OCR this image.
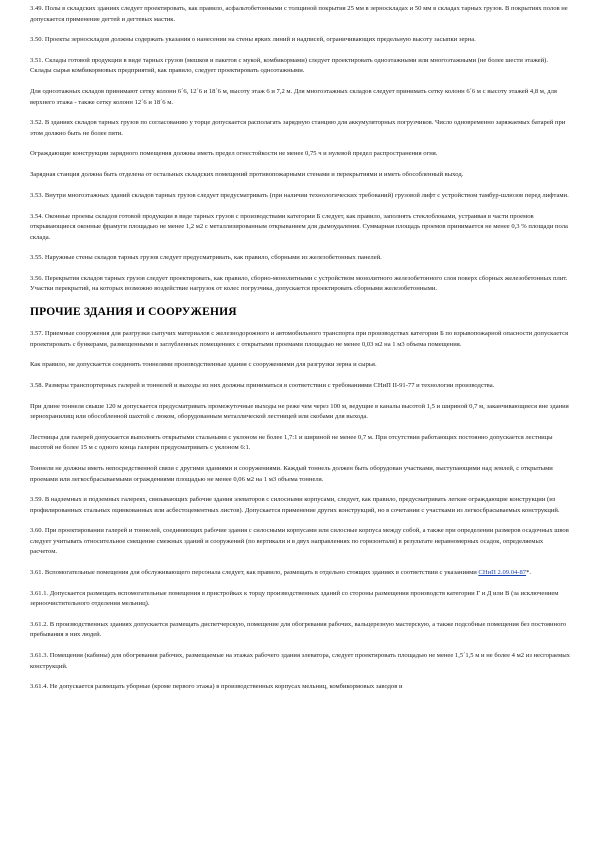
3.49. Полы в складских зданиях следует проектировать, как правило, асфальтобетонными с толщиной покрытия 25 мм в зерноскладах и 50 мм в складах тарных грузов. В покрытиях полов не допускается применение дегтей и дегтевых мастик.

3.50. Проекты зерноскладов должны содержать указания о нанесении на стены ярких линий и надписей, ограничивающих предельную высоту засыпки зерна.

3.51. Склады готовой продукции в виде тарных грузов (мешков и пакетов с мукой, комбикормами) следует проектировать одноэтажными или многоэтажными (не более шести этажей). Склады сырья комбикормовых предприятий, как правило, следует проектировать одноэтажными.

Для одноэтажных складов принимают сетку колонн 6´6, 12´6 и 18´6 м, высоту этаж 6 и 7,2 м. Для многоэтажных складов следует принимать сетку колонн 6´6 м с высоту этажей 4,8 м, для верхнего этажа - также сетку колонн 12´6 и 18´6 м.

3.52. В зданиях складов тарных грузов по согласованию у торце допускается располагать зарядную станцию для аккумуляторных погрузчиков. Число одновременно заряжаемых батарей при этом должно быть не более пяти.

Ограждающие конструкции зарядного помещения должны иметь предел огнестойкости не менее 0,75 ч и нулевой предел распространения огня.

Зарядная станция должна быть отделена от остальных складских помещений противопожарными стенами и перекрытиями и иметь обособленный выход.

3.53. Внутри многоэтажных зданий складов тарных грузов следует предусматривать (при наличии технологических требований) грузовой лифт с устройством тамбур-шлюзов перед лифтами.

3.54. Оконные проемы складов готовой продукции в виде тарных грузов с производствами категории Б следует, как правило, заполнять стеклоблоками, устраивая в части проемов открывающиеся оконные фрамуги площадью не менее 1,2 м2 с металлизированным открыванием для дымоудаления. Суммарная площадь проемов принимается не менее 0,3 % площади пола склада.

3.55. Наружные стены складов тарных грузов следует предусматривать, как правило, сборными из железобетонных панелей.

3.56. Перекрытия складов тарных грузов следует проектировать, как правило, сборно-монолитными с устройством монолитного железобетонного слоя поверх сборных железобетонных плит. Участки перекрытий, на которых возможно воздействие нагрузок от колес погрузчика, допускается проектировать сборными железобетонными.

ПРОЧИЕ ЗДАНИЯ И СООРУЖЕНИЯ

3.57. Приемные сооружения для разгрузки сыпучих материалов с железнодорожного и автомобильного транспорта при производствах категории Б по взрывопожарной опасности допускается проектировать с бункерами, размещенными в заглубленных помещениях с открытыми проемами площадью не менее 0,03 м2 на 1 м3 объема помещения.

Как правило, не допускается соединять тоннелями производственные здания с сооружениями для разгрузки зерна и сырья.

3.58. Размеры транспортерных галерей и тоннелей и выходы из них должны приниматься в соответствии с требованиями СНиП II-91-77 и технологии производства.

При длине тоннеля свыше 120 м допускается предусматривать промежуточные выходы не реже чем через 100 м, ведущие в каналы высотой 1,5 и шириной 0,7 м, заканчивающиеся вне здания зернохранилищ или обособленной шахтой с люком, оборудованным металлической лестницей или скобами для выхода.

Лестницы для галерей допускается выполнять открытыми стальными с уклоном не более 1,7:1 и шириной не менее 0,7 м. При отсутствии работающих постоянно допускается лестницы высотой не более 15 м с одного конца галереи предусматривать с уклоном 6:1.

Тоннели не должны иметь непосредственной связи с другими зданиями и сооружениями. Каждый тоннель должен быть оборудован участками, выступающими над землей, с открытыми проемами или легкосбрасываемыми ограждениями площадью не менее 0,06 м2 на 1 м3 объема тоннеля.

3.59. В надземных и подземных галереях, связывающих рабочие здания элеваторов с силосными корпусами, следует, как правило, предусматривать легкие ограждающие конструкции (из профилированных стальных оцинкованных или асбестоцементных листов). Допускается применение других конструкций, но в сочетании с участками из легкосбрасываемых конструкций.

3.60. При проектировании галерей и тоннелей, соединяющих рабочие здания с силосными корпусами или силосные корпуса между собой, а также при определении размеров осадочных швов следует учитывать относительное смещение смежных зданий и сооружений (по вертикали и в двух направлениях по горизонтали) в результате неравномерных осадок, определяемых расчетом.

3.61. Вспомогательные помещения для обслуживающего персонала следует, как правило, размещать в отдельно стоящих зданиях в соответствии с указаниями СНиП 2.09.04-87*.

3.61.1. Допускается размещать вспомогательные помещения в пристройках к торцу производственных зданий со стороны размещения производств категории Г и Д или В (за исключением зерноочистительного отделения мельниц).

3.61.2. В производственных зданиях допускается размещать диспетчерскую, помещение для обогревания рабочих, вальцерезную мастерскую, а также подсобные помещения без постоянного пребывания в них людей.

3.61.3. Помещения (кабины) для обогревания рабочих, размещаемые на этажах рабочего здания элеватора, следует проектировать площадью не менее 1,5´1,5 м и не более 4 м2 из несгораемых конструкций.

3.61.4. Не допускается размещать уборные (кроме первого этажа) в производственных корпусах мельниц, комбикормовых заводов и
